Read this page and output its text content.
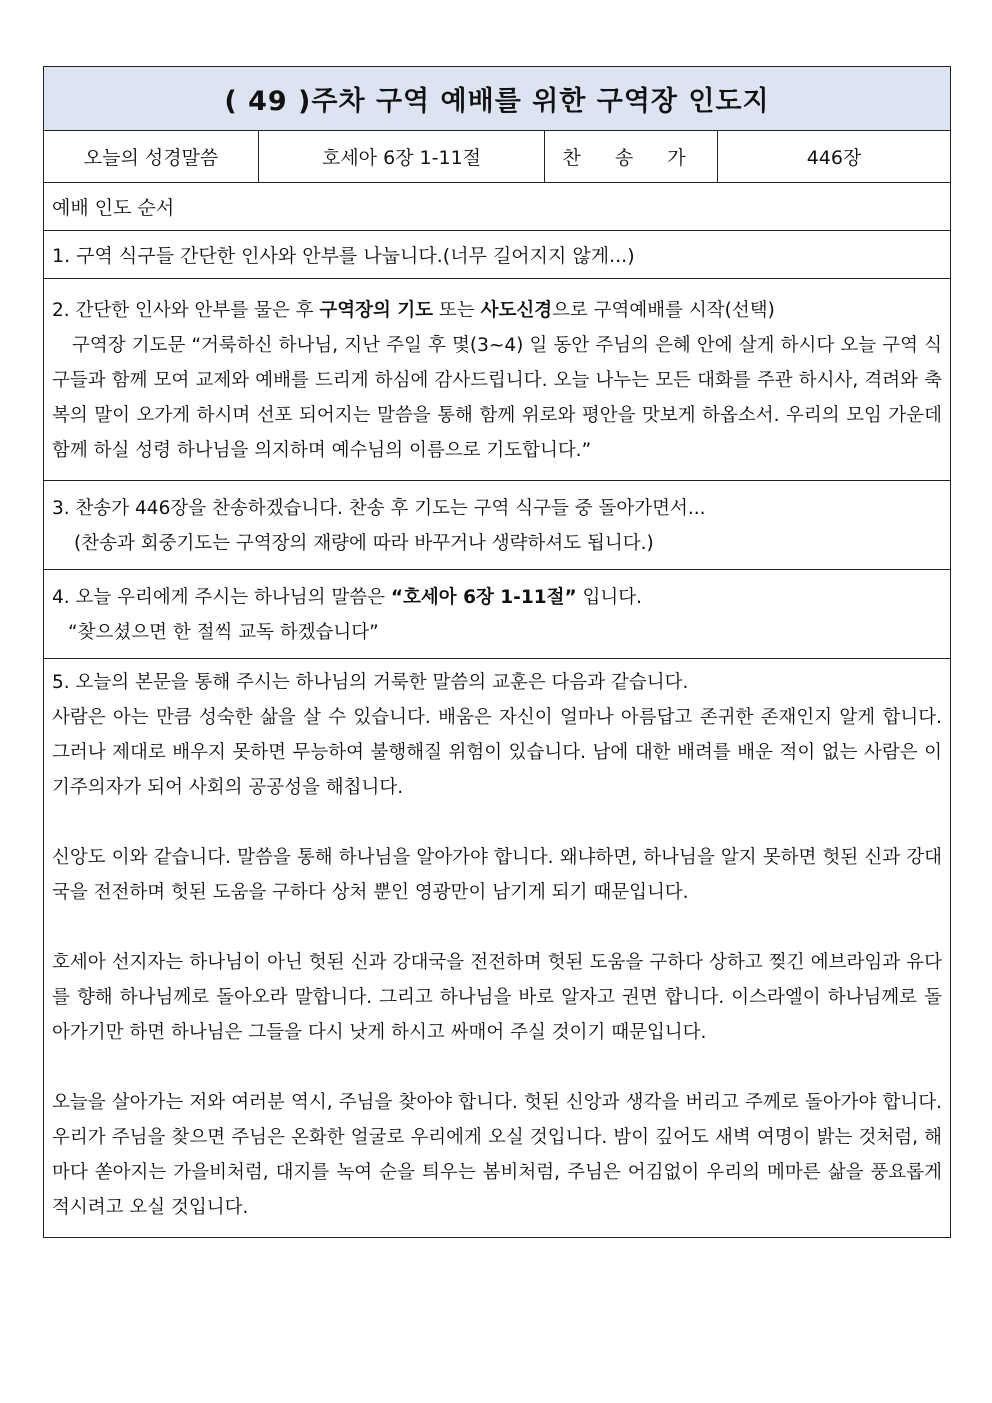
( 49 )주차 구역 예배를 위한 구역장 인도지
오늘의 성경말씀	호세아 6장 1-11절	찬 송 가	446장
예배 인도 순서
1. 구역 식구들 간단한 인사와 안부를 나눕니다.(너무 길어지지 않게...)

2. 간단한 인사와 안부를 물은 후 구역장의 기도 또는 사도신경으로 구역예배를 시작(선택)

구역장 기도문 “거룩하신 하나님, 지난 주일 후 몇(3~4) 일 동안 주님의 은혜 안에 살게 하시다 오늘 구역 식구들과 함께 모여 교제와 예배를 드리게 하심에 감사드립니다. 오늘 나누는 모든 대화를 주관 하시사, 격려와 축복의 말이 오가게 하시며 선포 되어지는 말씀을 통해 함께 위로와 평안을 맛보게 하옵소서. 우리의 모임 가운데 함께 하실 성령 하나님을 의지하며 예수님의 이름으로 기도합니다.”

3. 찬송가 446장을 찬송하겠습니다. 찬송 후 기도는 구역 식구들 중 돌아가면서...

(찬송과 회중기도는 구역장의 재량에 따라 바꾸거나 생략하셔도 됩니다.)

4. 오늘 우리에게 주시는 하나님의 말씀은 “호세아 6장 1-11절” 입니다.

“찾으셨으면 한 절씩 교독 하겠습니다”

5. 오늘의 본문을 통해 주시는 하나님의 거룩한 말씀의 교훈은 다음과 같습니다.

사람은 아는 만큼 성숙한 삶을 살 수 있습니다. 배움은 자신이 얼마나 아름답고 존귀한 존재인지 알게 합니다. 그러나 제대로 배우지 못하면 무능하여 불행해질 위험이 있습니다. 남에 대한 배려를 배운 적이 없는 사람은 이기주의자가 되어 사회의 공공성을 해칩니다.

신앙도 이와 같습니다. 말씀을 통해 하나님을 알아가야 합니다. 왜냐하면, 하나님을 알지 못하면 헛된 신과 강대국을 전전하며 헛된 도움을 구하다 상처 뿐인 영광만이 남기게 되기 때문입니다.

호세아 선지자는 하나님이 아닌 헛된 신과 강대국을 전전하며 헛된 도움을 구하다 상하고 찢긴 에브라임과 유다를 향해 하나님께로 돌아오라 말합니다. 그리고 하나님을 바로 알자고 권면 합니다. 이스라엘이 하나님께로 돌아가기만 하면 하나님은 그들을 다시 낫게 하시고 싸매어 주실 것이기 때문입니다.

오늘을 살아가는 저와 여러분 역시, 주님을 찾아야 합니다. 헛된 신앙과 생각을 버리고 주께로 돌아가야 합니다. 우리가 주님을 찾으면 주님은 온화한 얼굴로 우리에게 오실 것입니다. 밤이 깊어도 새벽 여명이 밝는 것처럼, 해마다 쏟아지는 가을비처럼, 대지를 녹여 순을 틔우는 봄비처럼, 주님은 어김없이 우리의 메마른 삶을 풍요롭게 적시려고 오실 것입니다.
